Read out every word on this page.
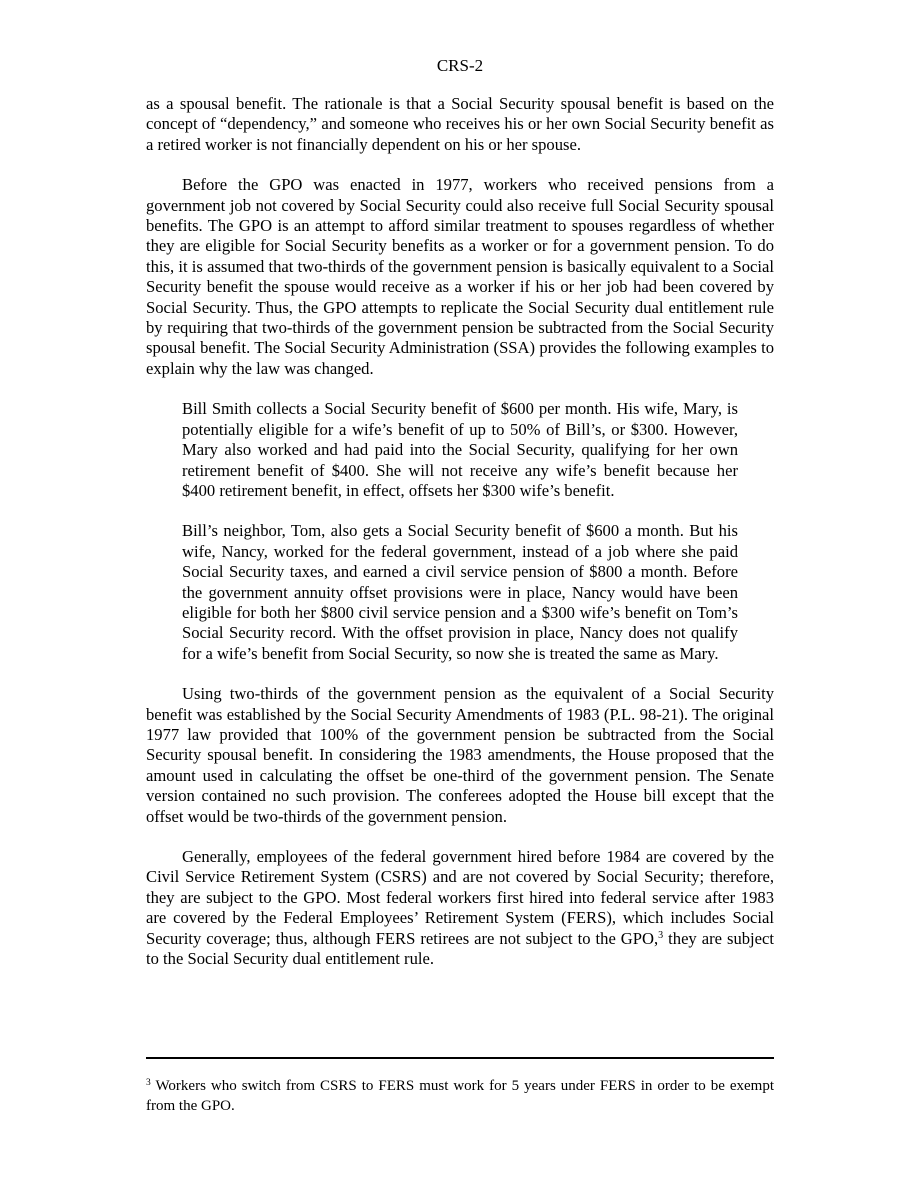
CRS-2

as a spousal benefit. The rationale is that a Social Security spousal benefit is based on the concept of “dependency,” and someone who receives his or her own Social Security benefit as a retired worker is not financially dependent on his or her spouse.

Before the GPO was enacted in 1977, workers who received pensions from a government job not covered by Social Security could also receive full Social Security spousal benefits. The GPO is an attempt to afford similar treatment to spouses regardless of whether they are eligible for Social Security benefits as a worker or for a government pension. To do this, it is assumed that two-thirds of the government pension is basically equivalent to a Social Security benefit the spouse would receive as a worker if his or her job had been covered by Social Security. Thus, the GPO attempts to replicate the Social Security dual entitlement rule by requiring that two-thirds of the government pension be subtracted from the Social Security spousal benefit. The Social Security Administration (SSA) provides the following examples to explain why the law was changed.

Bill Smith collects a Social Security benefit of $600 per month. His wife, Mary, is potentially eligible for a wife’s benefit of up to 50% of Bill’s, or $300. However, Mary also worked and had paid into the Social Security, qualifying for her own retirement benefit of $400. She will not receive any wife’s benefit because her $400 retirement benefit, in effect, offsets her $300 wife’s benefit.

Bill’s neighbor, Tom, also gets a Social Security benefit of $600 a month. But his wife, Nancy, worked for the federal government, instead of a job where she paid Social Security taxes, and earned a civil service pension of $800 a month. Before the government annuity offset provisions were in place, Nancy would have been eligible for both her $800 civil service pension and a $300 wife’s benefit on Tom’s Social Security record. With the offset provision in place, Nancy does not qualify for a wife’s benefit from Social Security, so now she is treated the same as Mary.

Using two-thirds of the government pension as the equivalent of a Social Security benefit was established by the Social Security Amendments of 1983 (P.L. 98-21). The original 1977 law provided that 100% of the government pension be subtracted from the Social Security spousal benefit. In considering the 1983 amendments, the House proposed that the amount used in calculating the offset be one-third of the government pension. The Senate version contained no such provision. The conferees adopted the House bill except that the offset would be two-thirds of the government pension.

Generally, employees of the federal government hired before 1984 are covered by the Civil Service Retirement System (CSRS) and are not covered by Social Security; therefore, they are subject to the GPO. Most federal workers first hired into federal service after 1983 are covered by the Federal Employees’ Retirement System (FERS), which includes Social Security coverage; thus, although FERS retirees are not subject to the GPO,$^3$ they are subject to the Social Security dual entitlement rule.

$^3$ Workers who switch from CSRS to FERS must work for 5 years under FERS in order to be exempt from the GPO.
